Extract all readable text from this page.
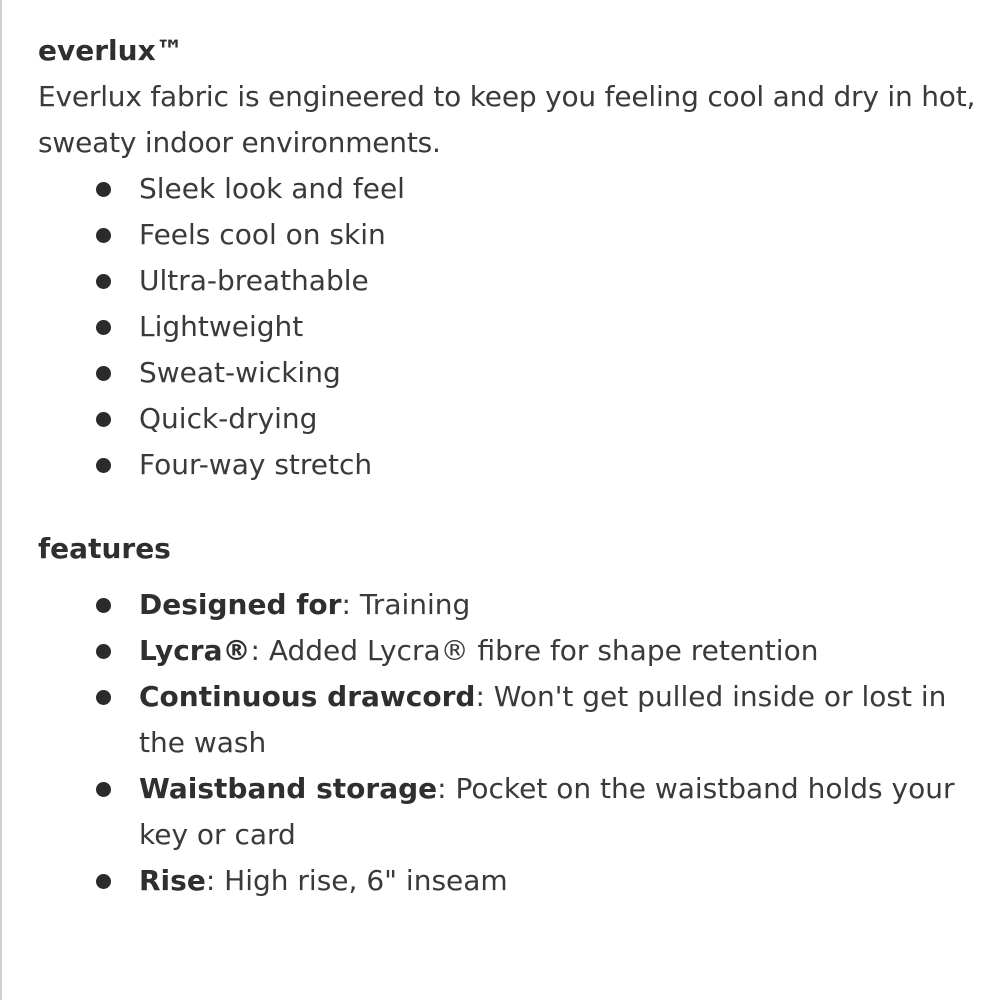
everlux™

Everlux fabric is engineered to keep you feeling cool and dry in hot, sweaty indoor environments.

Sleek look and feel
Feels cool on skin
Ultra-breathable
Lightweight
Sweat-wicking
Quick-drying
Four-way stretch
features
Designed for: Training
Lycra®: Added Lycra® fibre for shape retention
Continuous drawcord: Won't get pulled inside or lost in the wash
Waistband storage: Pocket on the waistband holds your key or card
Rise: High rise, 6" inseam
